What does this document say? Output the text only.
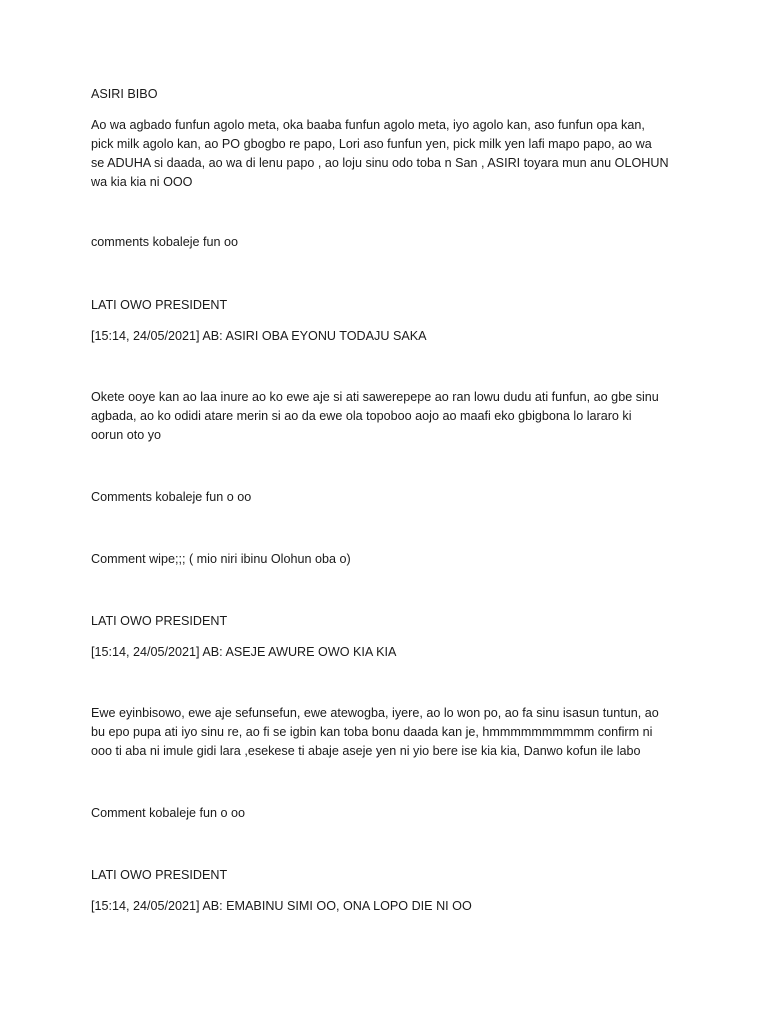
ASIRI BIBO

Ao wa agbado funfun agolo meta, oka baaba funfun agolo meta, iyo agolo kan, aso funfun opa kan,
pick milk agolo kan, ao PO gbogbo re papo, Lori aso funfun yen, pick milk yen lafi mapo papo, ao wa
se ADUHA si daada, ao wa di lenu papo , ao loju sinu odo toba n San , ASIRI toyara mun anu OLOHUN
wa kia kia ni OOO

comments kobaleje fun oo

LATI OWO PRESIDENT

[15:14, 24/05/2021] AB: ASIRI OBA EYONU TODAJU SAKA

Okete ooye kan ao laa inure ao ko ewe aje si ati sawerepepe ao ran lowu dudu ati funfun, ao gbe sinu
agbada, ao ko odidi atare merin si ao da ewe ola topoboo aojo ao maafi eko gbigbona lo lararo ki
oorun oto yo

Comments kobaleje fun o oo

Comment wipe;;; ( mio niri ibinu Olohun oba o)

LATI OWO PRESIDENT

[15:14, 24/05/2021] AB: ASEJE AWURE OWO KIA KIA

Ewe eyinbisowo, ewe aje sefunsefun, ewe atewogba, iyere, ao lo won po, ao fa sinu isasun tuntun, ao
bu epo pupa ati iyo sinu re, ao fi se igbin kan toba bonu daada kan je, hmmmmmmmmmm confirm ni
ooo ti aba ni imule gidi lara ,esekese ti abaje aseje yen ni yio bere ise kia kia, Danwo kofun ile labo

Comment kobaleje fun o oo

LATI OWO PRESIDENT

[15:14, 24/05/2021] AB: EMABINU SIMI OO, ONA LOPO DIE NI OO
